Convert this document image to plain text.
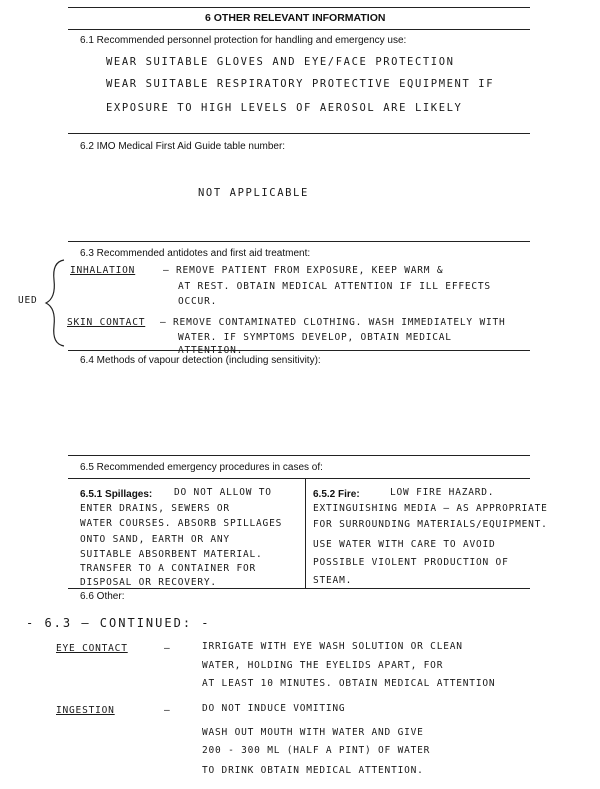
6 OTHER RELEVANT INFORMATION
6.1 Recommended personnel protection for handling and emergency use:
WEAR SUITABLE GLOVES AND EYE/FACE PROTECTION
WEAR SUITABLE RESPIRATORY PROTECTIVE EQUIPMENT IF
EXPOSURE TO HIGH LEVELS OF AEROSOL ARE LIKELY
6.2 IMO Medical First Aid Guide table number:
NOT APPLICABLE
6.3 Recommended antidotes and first aid treatment:
UED
INHALATION	— REMOVE PATIENT FROM EXPOSURE, KEEP WARM &
AT REST. OBTAIN MEDICAL ATTENTION IF ILL EFFECTS
OCCUR.
SKIN CONTACT — REMOVE CONTAMINATED CLOTHING. WASH IMMEDIATELY WITH
WATER. IF SYMPTOMS DEVELOP, OBTAIN MEDICAL
6.4 Methods of vapour detection (including sensitivity):
6.5 Recommended emergency procedures in cases of:
6.5.1 Spillages: DO NOT ALLOW TO
ENTER DRAINS, SEWERS OR
WATER COURSES. ABSORB SPILLAGES
ONTO SAND, EARTH OR ANY
SUITABLE ABSORBENT MATERIAL.
TRANSFER TO A CONTAINER FOR
DISPOSAL OR RECOVERY.
6.5.2 Fire:	LOW FIRE HAZARD.
EXTINGUISHING MEDIA — AS APPROPRIATE
FOR SURROUNDING MATERIALS/EQUIPMENT.
USE WATER WITH CARE TO AVOID
POSSIBLE VIOLENT PRODUCTION OF
STEAM.
6.6 Other:
- 6.3 — CONTINUED: -
EYE CONTACT	—	IRRIGATE WITH EYE WASH SOLUTION OR CLEAN
WATER, HOLDING THE EYELIDS APART, FOR
AT LEAST 10 MINUTES. OBTAIN MEDICAL ATTENTION
INGESTION	—	DO NOT INDUCE VOMITING
WASH OUT MOUTH WITH WATER AND GIVE
200 - 300 ML (HALF A PINT) OF WATER
TO DRINK OBTAIN MEDICAL ATTENTION.
